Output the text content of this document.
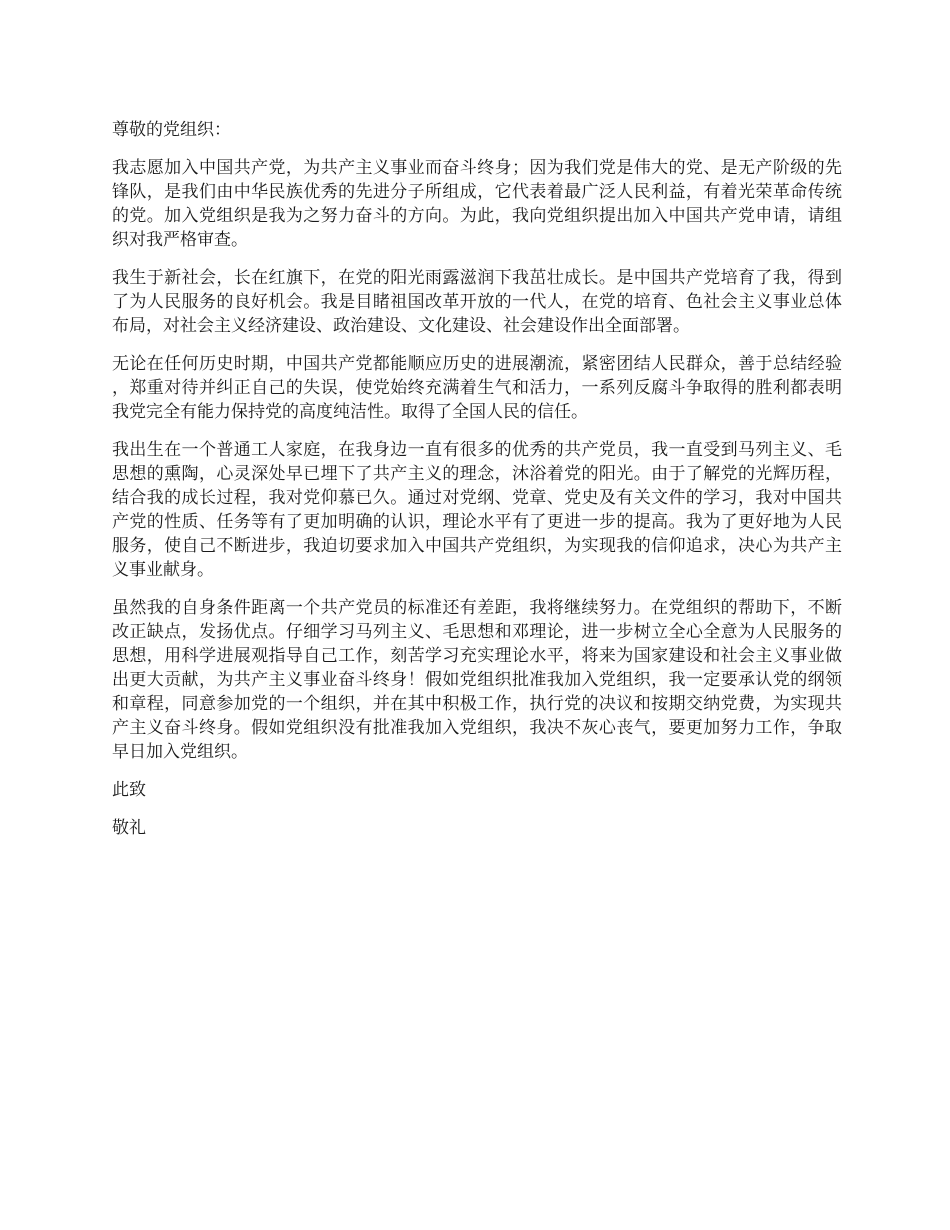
尊敬的党组织：

我志愿加入中国共产党，为共产主义事业而奋斗终身；因为我们党是伟大的党、是无产阶级的先锋队，是我们由中华民族优秀的先进分子所组成，它代表着最广泛人民利益，有着光荣革命传统的党。加入党组织是我为之努力奋斗的方向。为此，我向党组织提出加入中国共产党申请，请组织对我严格审查。

我生于新社会，长在红旗下，在党的阳光雨露滋润下我茁壮成长。是中国共产党培育了我，得到了为人民服务的良好机会。我是目睹祖国改革开放的一代人，在党的培育、色社会主义事业总体布局，对社会主义经济建设、政治建设、文化建设、社会建设作出全面部署。

无论在任何历史时期，中国共产党都能顺应历史的进展潮流，紧密团结人民群众，善于总结经验，郑重对待并纠正自己的失误，使党始终充满着生气和活力，一系列反腐斗争取得的胜利都表明我党完全有能力保持党的高度纯洁性。取得了全国人民的信任。

我出生在一个普通工人家庭，在我身边一直有很多的优秀的共产党员，我一直受到马列主义、毛思想的熏陶，心灵深处早已埋下了共产主义的理念，沐浴着党的阳光。由于了解党的光辉历程，结合我的成长过程，我对党仰慕已久。通过对党纲、党章、党史及有关文件的学习，我对中国共产党的性质、任务等有了更加明确的认识，理论水平有了更进一步的提高。我为了更好地为人民服务，使自己不断进步，我迫切要求加入中国共产党组织，为实现我的信仰追求，决心为共产主义事业献身。

虽然我的自身条件距离一个共产党员的标准还有差距，我将继续努力。在党组织的帮助下，不断改正缺点，发扬优点。仔细学习马列主义、毛思想和邓理论，进一步树立全心全意为人民服务的思想，用科学进展观指导自己工作，刻苦学习充实理论水平，将来为国家建设和社会主义事业做出更大贡献，为共产主义事业奋斗终身！假如党组织批准我加入党组织，我一定要承认党的纲领和章程，同意参加党的一个组织，并在其中积极工作，执行党的决议和按期交纳党费，为实现共产主义奋斗终身。假如党组织没有批准我加入党组织，我决不灰心丧气，要更加努力工作，争取早日加入党组织。

此致

敬礼
